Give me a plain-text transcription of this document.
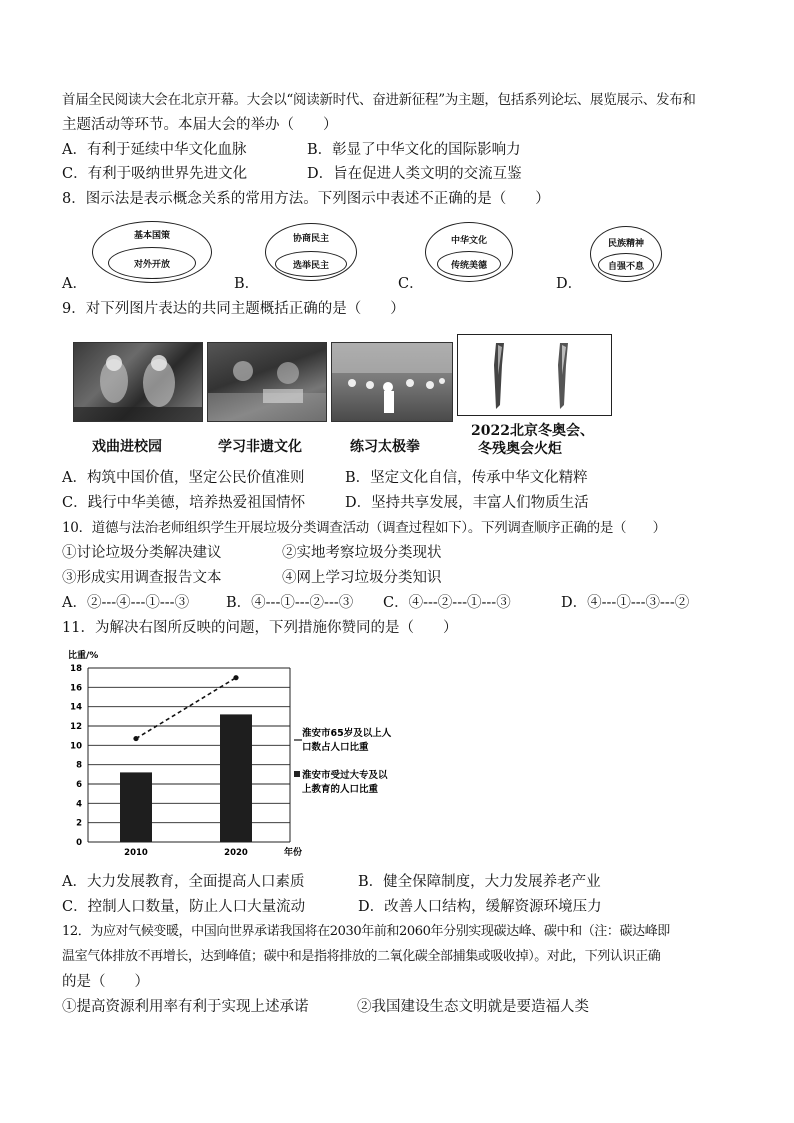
首届全民阅读大会在北京开幕。大会以“阅读新时代、奋进新征程”为主题，包括系列论坛、展览展示、发布和
主题活动等环节。本届大会的举办（　　）
A．有利于延续中华文化血脉	B．彰显了中华文化的国际影响力
C．有利于吸纳世界先进文化	D．旨在促进人类文明的交流互鉴
8．图示法是表示概念关系的常用方法。下列图示中表述不正确的是（　　）
基本国策
对外开放
协商民主
选举民主
中华文化
传统美德
民族精神
自强不息
A．	B．	C．	D．
9．对下列图片表达的共同主题概括正确的是（　　）
戏曲进校园	学习非遗文化	练习太极拳
2022北京冬奥会、
冬残奥会火炬
A．构筑中国价值，坚定公民价值准则	B．坚定文化自信，传承中华文化精粹
C．践行中华美德，培养热爱祖国情怀	D．坚持共享发展，丰富人们物质生活
10．道德与法治老师组织学生开展垃圾分类调查活动（调查过程如下）。下列调查顺序正确的是（　　）
①讨论垃圾分类解决建议	②实地考察垃圾分类现状
③形成实用调查报告文本	④网上学习垃圾分类知识
A．②---④---①---③	B．④---①---②---③ C．④---②---①---③	D．④---①---③---②
11．为解决右图所反映的问题，下列措施你赞同的是（　　）
比重/%
0
2
4
6
8
10
12
14
16
18
2010	2020	年份
淮安市65岁及以上人
口数占人口比重
淮安市受过大专及以
上教育的人口比重
A．大力发展教育，全面提高人口素质	B．健全保障制度，大力发展养老产业
C．控制人口数量，防止人口大量流动	D．改善人口结构，缓解资源环境压力
12．为应对气候变暖，中国向世界承诺我国将在2030年前和2060年分别实现碳达峰、碳中和（注：碳达峰即
温室气体排放不再增长，达到峰值；碳中和是指将排放的二氧化碳全部捕集或吸收掉）。对此，下列认识正确
的是（　　）
①提高资源利用率有利于实现上述承诺	②我国建设生态文明就是要造福人类
